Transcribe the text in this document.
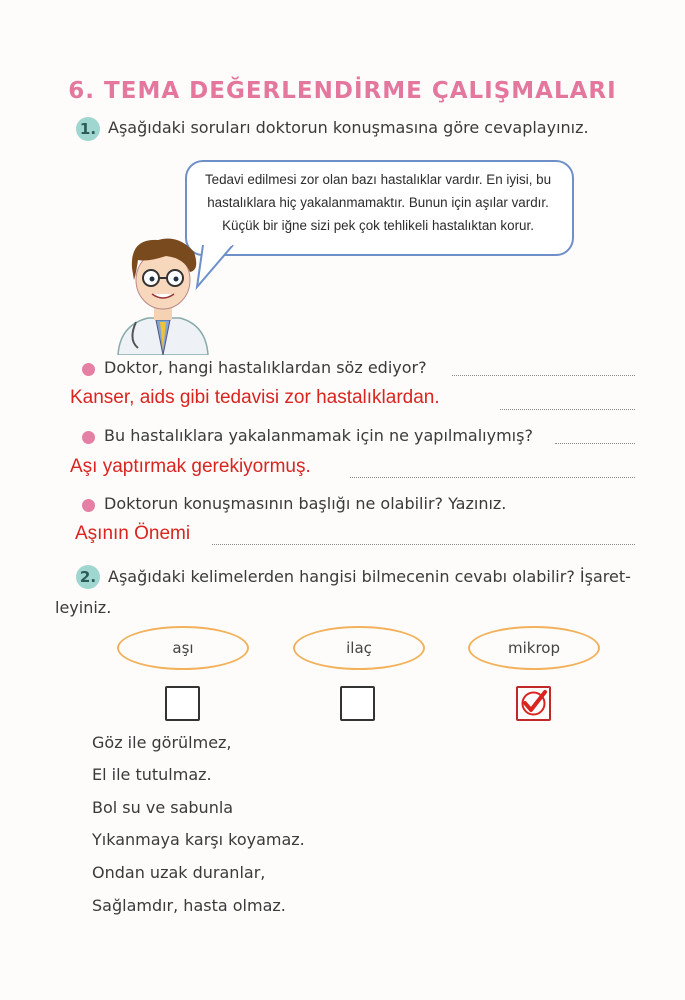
6. TEMA DEĞERLENDİRME ÇALIŞMALARI
1. Aşağıdaki soruları doktorun konuşmasına göre cevaplayınız.
Tedavi edilmesi zor olan bazı hastalıklar vardır. En iyisi, bu
hastalıklara hiç yakalanmamaktır. Bunun için aşılar vardır.
Küçük bir iğne sizi pek çok tehlikeli hastalıktan korur.
Doktor, hangi hastalıklardan söz ediyor?
Kanser, aids gibi tedavisi zor hastalıklardan.
Bu hastalıklara yakalanmamak için ne yapılmalıymış?
Aşı yaptırmak gerekiyormuş.
Doktorun konuşmasının başlığı ne olabilir? Yazınız.
Aşının Önemi
2. Aşağıdaki kelimelerden hangisi bilmecenin cevabı olabilir? İşaret-
leyiniz.
aşı	ilaç	mikrop
Göz ile görülmez,
El ile tutulmaz.
Bol su ve sabunla
Yıkanmaya karşı koyamaz.
Ondan uzak duranlar,
Sağlamdır, hasta olmaz.
